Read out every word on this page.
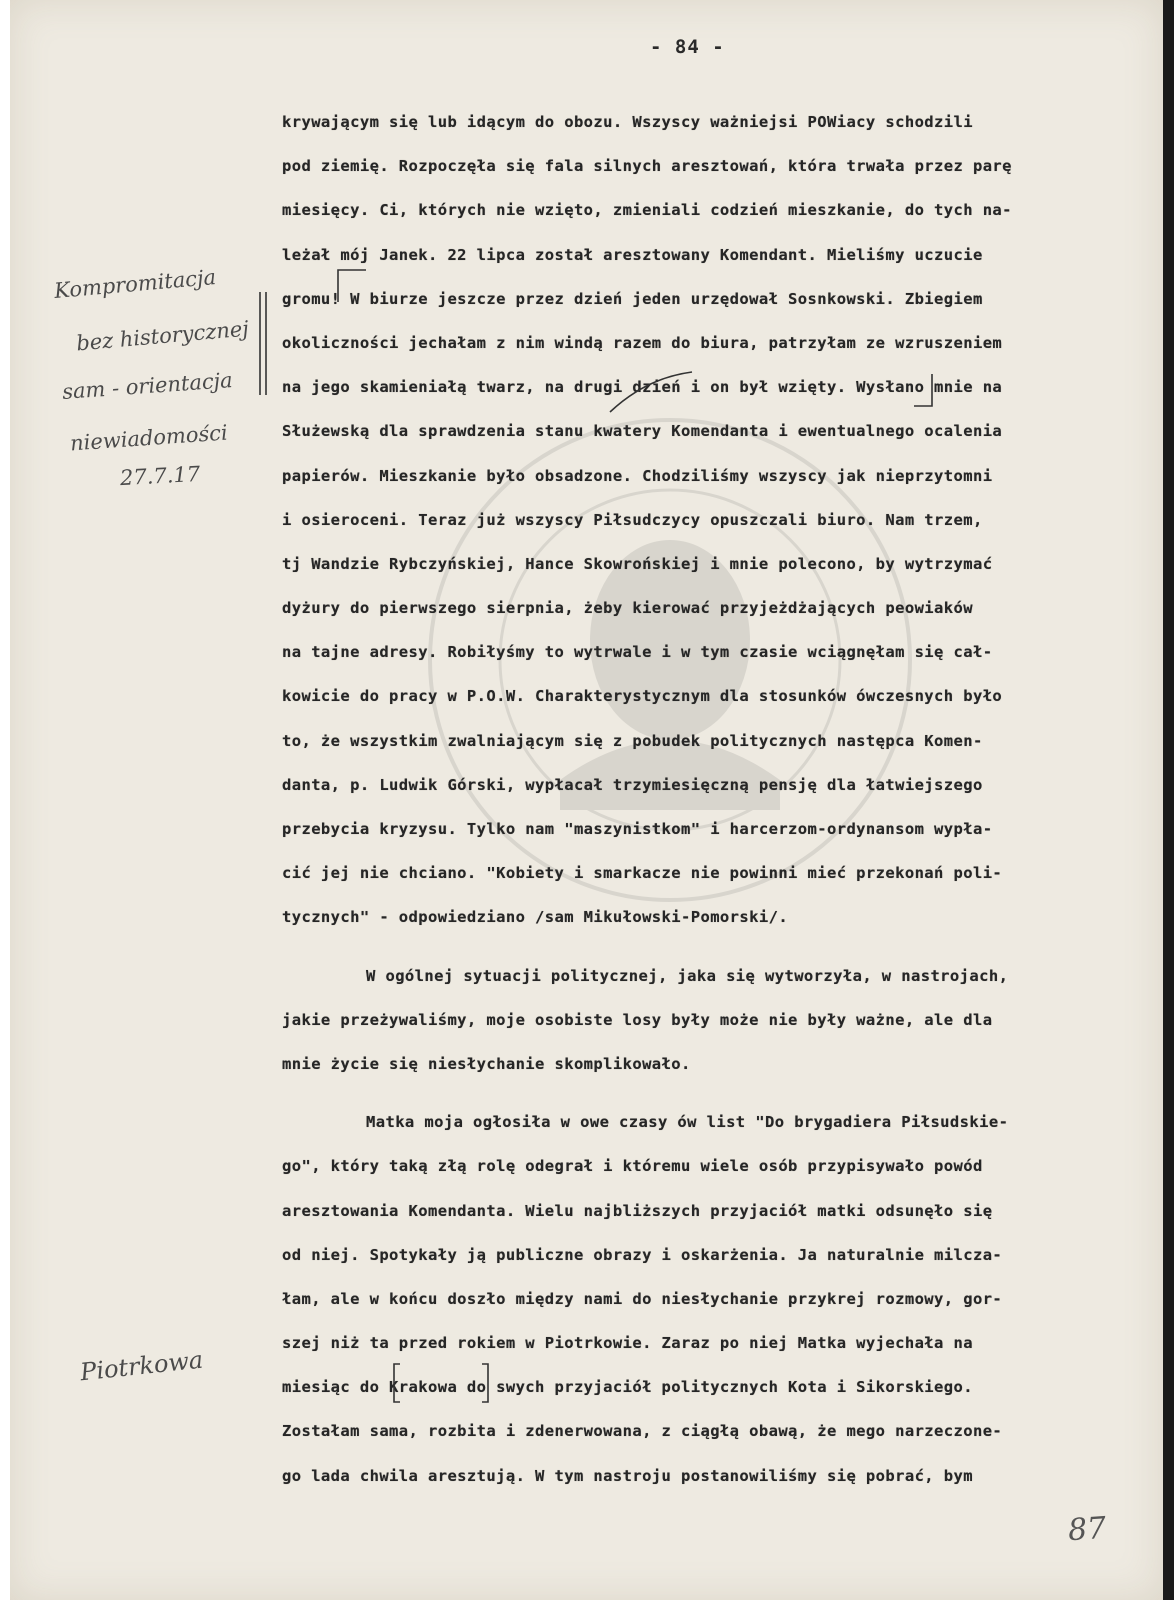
- 84 -
krywającym się lub idącym do obozu. Wszyscy ważniejsi POWiacy schodzili
pod ziemię. Rozpoczęła się fala silnych aresztowań, która trwała przez parę
miesięcy. Ci, których nie wzięto, zmieniali codzień mieszkanie, do tych na-
leżał mój Janek. 22 lipca został aresztowany Komendant. Mieliśmy uczucie
gromu! W biurze jeszcze przez dzień jeden urzędował Sosnkowski. Zbiegiem
okoliczności jechałam z nim windą razem do biura, patrzyłam ze wzruszeniem
na jego skamieniałą twarz, na drugi dzień i on był wzięty. Wysłano mnie na
Służewską dla sprawdzenia stanu kwatery Komendanta i ewentualnego ocalenia
papierów. Mieszkanie było obsadzone. Chodziliśmy wszyscy jak nieprzytomni
i osieroceni. Teraz już wszyscy Piłsudczycy opuszczali biuro. Nam trzem,
tj Wandzie Rybczyńskiej, Hance Skowrońskiej i mnie polecono, by wytrzymać
dyżury do pierwszego sierpnia, żeby kierować przyjeżdżających peowiaków
na tajne adresy. Robiłyśmy to wytrwale i w tym czasie wciągnęłam się cał-
kowicie do pracy w P.O.W. Charakterystycznym dla stosunków ówczesnych było
to, że wszystkim zwalniającym się z pobudek politycznych następca Komen-
danta, p. Ludwik Górski, wypłacał trzymiesięczną pensję dla łatwiejszego
przebycia kryzysu. Tylko nam "maszynistkom" i harcerzom-ordynansom wypła-
cić jej nie chciano. "Kobiety i smarkacze nie powinni mieć przekonań poli-
tycznych" - odpowiedziano /sam Mikułowski-Pomorski/.
W ogólnej sytuacji politycznej, jaka się wytworzyła, w nastrojach,
jakie przeżywaliśmy, moje osobiste losy były może nie były ważne, ale dla
mnie życie się niesłychanie skomplikowało.
Matka moja ogłosiła w owe czasy ów list "Do brygadiera Piłsudskie-
go", który taką złą rolę odegrał i któremu wiele osób przypisywało powód
aresztowania Komendanta. Wielu najbliższych przyjaciół matki odsunęło się
od niej. Spotykały ją publiczne obrazy i oskarżenia. Ja naturalnie milcza-
łam, ale w końcu doszło między nami do niesłychanie przykrej rozmowy, gor-
szej niż ta przed rokiem w Piotrkowie. Zaraz po niej Matka wyjechała na
miesiąc do Krakowa do swych przyjaciół politycznych Kota i Sikorskiego.
Zostałam sama, rozbita i zdenerwowana, z ciągłą obawą, że mego narzeczone-
go lada chwila aresztują. W tym nastroju postanowiliśmy się pobrać, bym
Kompromitacja
bez historycznej
sam - orientacja
niewiadomości
27.7.17
Piotrkowa
87
